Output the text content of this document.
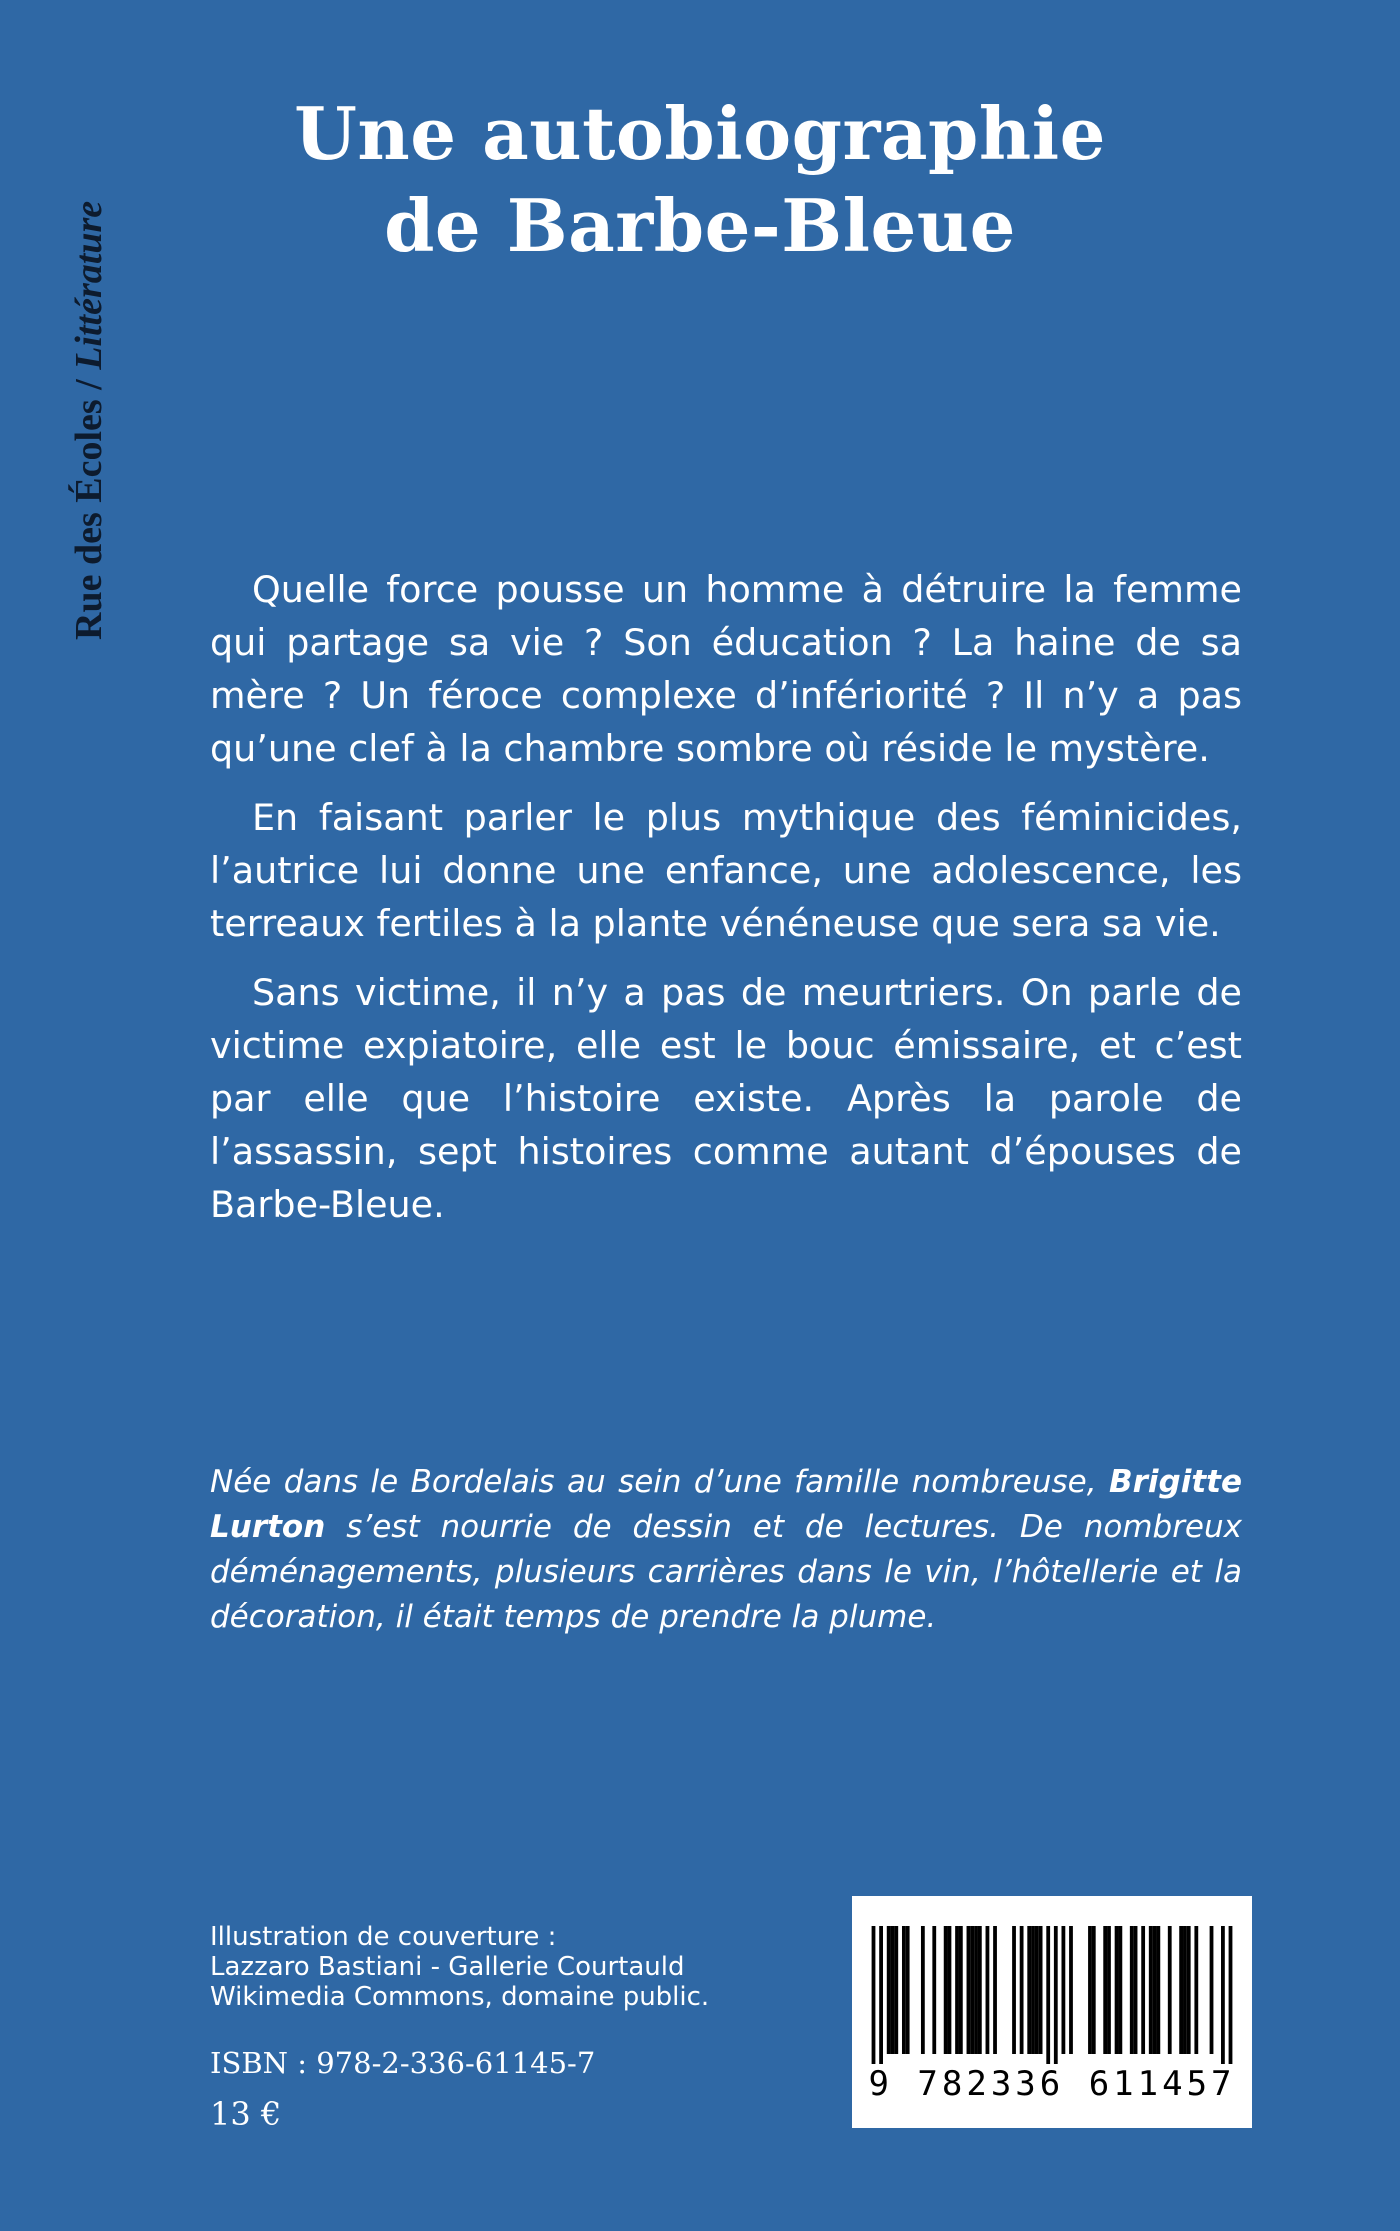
Rue des Écoles / Littérature
Une autobiographie
de Barbe-Bleue

Quelle force pousse un homme à détruire la femme qui partage sa vie ? Son éducation ? La haine de sa mère ? Un féroce complexe d’infériorité ? Il n’y a pas qu’une clef à la chambre sombre où réside le mystère.

En faisant parler le plus mythique des féminicides, l’autrice lui donne une enfance, une adolescence, les terreaux fertiles à la plante vénéneuse que sera sa vie.

Sans victime, il n’y a pas de meurtriers. On parle de victime expiatoire, elle est le bouc émissaire, et c’est par elle que l’histoire existe. Après la parole de l’assassin, sept histoires comme autant d’épouses de Barbe-Bleue.

Née dans le Bordelais au sein d’une famille nombreuse, Brigitte Lurton s’est nourrie de dessin et de lectures. De nombreux déménagements, plusieurs carrières dans le vin, l’hôtellerie et la décoration, il était temps de prendre la plume.

Illustration de couverture :
Lazzaro Bastiani - Gallerie Courtauld
Wikimedia Commons, domaine public.
ISBN : 978-2-336-61145-7
13 €
9 782336 611457
